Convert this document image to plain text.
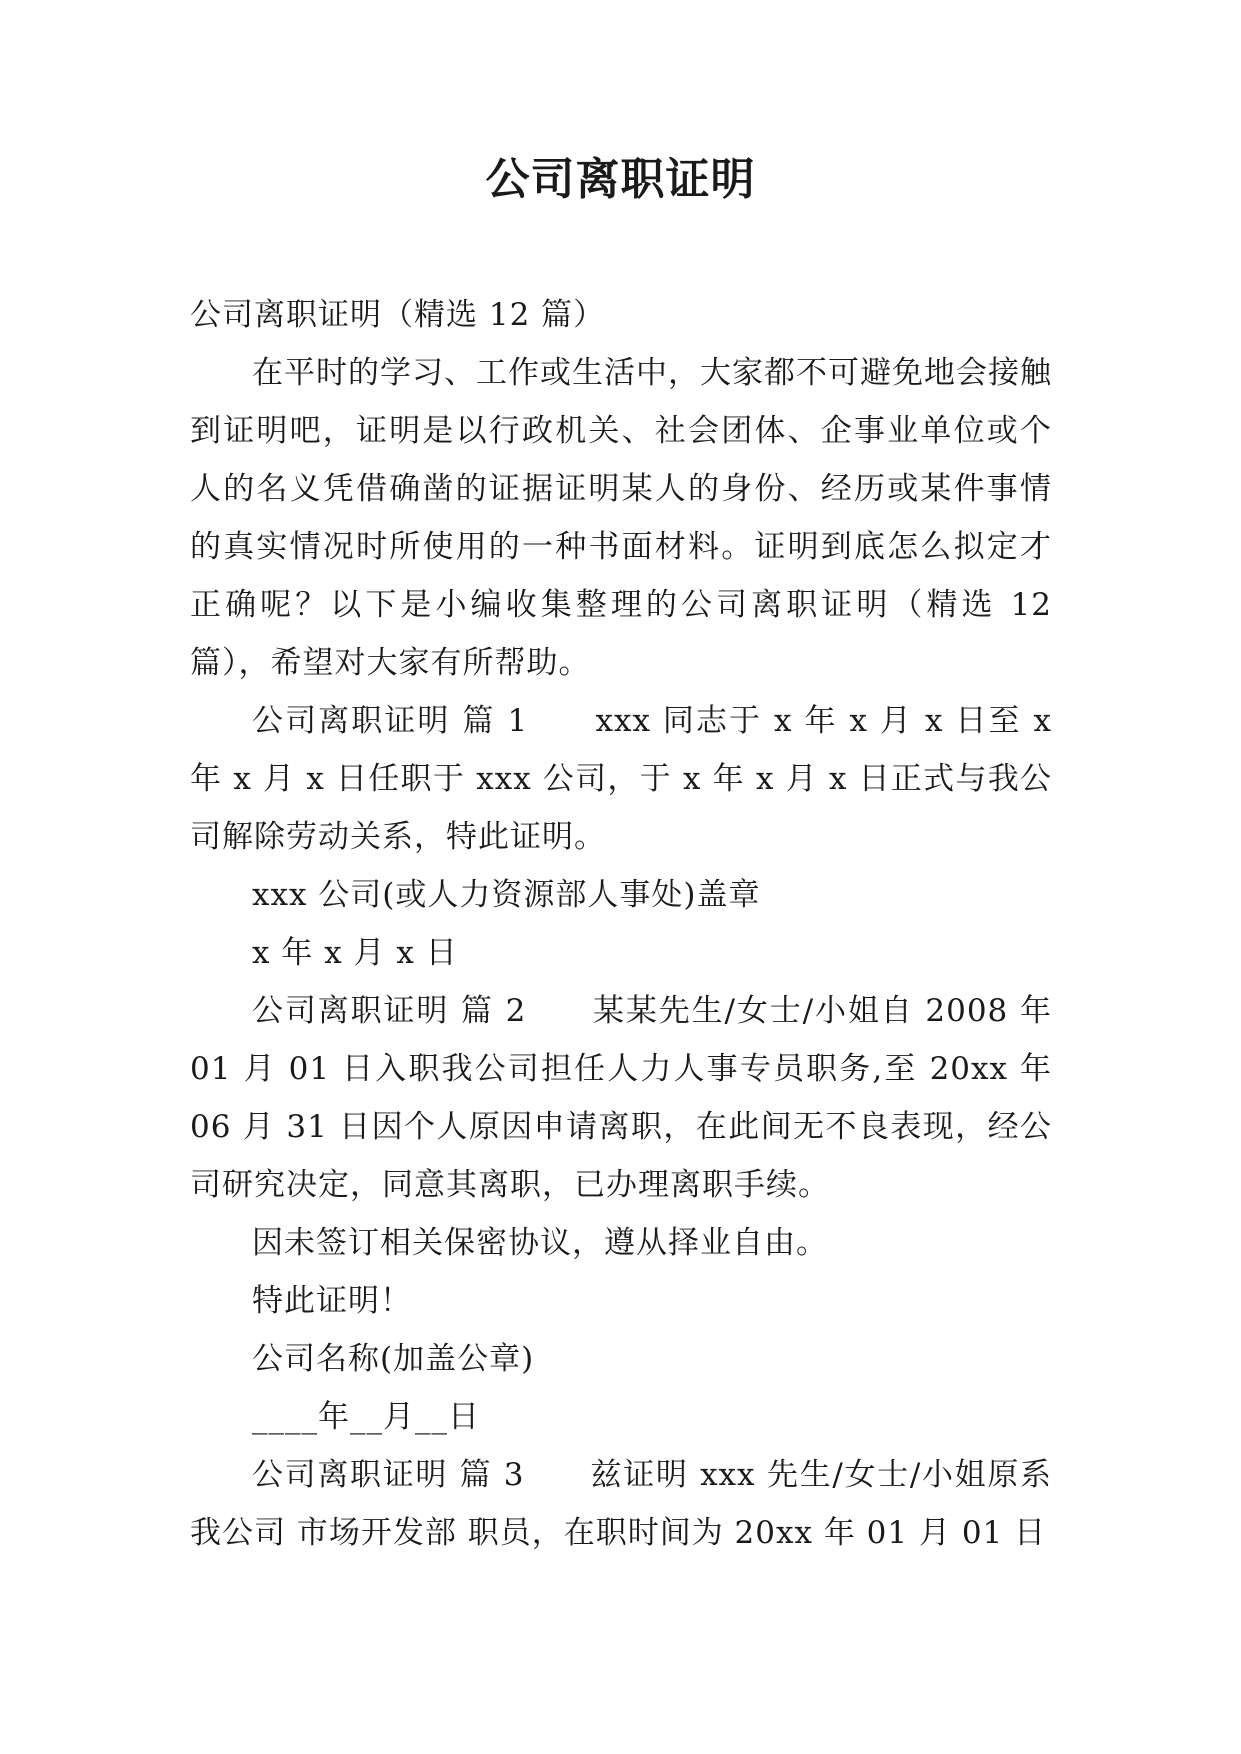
公司离职证明

公司离职证明（精选 12 篇）

在平时的学习、工作或生活中，大家都不可避免地会接触到证明吧，证明是以行政机关、社会团体、企事业单位或个人的名义凭借确凿的证据证明某人的身份、经历或某件事情的真实情况时所使用的一种书面材料。证明到底怎么拟定才正确呢？以下是小编收集整理的公司离职证明（精选 12 篇），希望对大家有所帮助。

公司离职证明 篇 1　　xxx 同志于 x 年 x 月 x 日至 x 年 x 月 x 日任职于 xxx 公司，于 x 年 x 月 x 日正式与我公司解除劳动关系，特此证明。

xxx 公司(或人力资源部人事处)盖章

x 年 x 月 x 日

公司离职证明 篇 2　　某某先生/女士/小姐自 2008 年 01 月 01 日入职我公司担任人力人事专员职务,至 20xx 年 06 月 31 日因个人原因申请离职，在此间无不良表现，经公司研究决定，同意其离职，已办理离职手续。

因未签订相关保密协议，遵从择业自由。

特此证明！

公司名称(加盖公章)

____年__月__日

公司离职证明 篇 3　　兹证明 xxx 先生/女士/小姐原系我公司 市场开发部 职员，在职时间为 20xx 年 01 月 01 日
